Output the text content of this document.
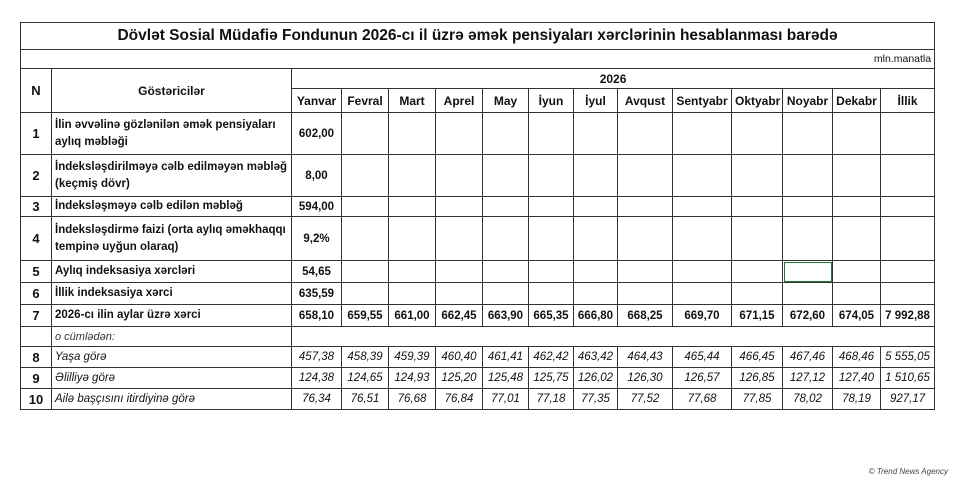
Dövlət Sosial Müdafiə Fondunun 2026-cı il üzrə əmək pensiyaları xərclərinin hesablanması barədə														
mln.manatla														
N	Göstəricilər	2026												
		Yanvar	Fevral	Mart	Aprel	May	İyun	İyul	Avqust	Sentyabr	Oktyabr	Noyabr	Dekabr	İllik
1	İlin əvvəlinə gözlənilən əmək pensiyaları aylıq məbləği	602,00												
2	İndeksləşdirilməyə cəlb edilməyən məbləğ (keçmiş dövr)	8,00												
3	İndeksləşməyə cəlb edilən məbləğ	594,00												
4	İndeksləşdirmə faizi (orta aylıq əməkhaqqı tempinə uyğun olaraq)	9,2%												
5	Aylıq indeksasiya xərcləri	54,65												
6	İllik indeksasiya xərci	635,59												
7	2026-cı ilin aylar üzrə xərci	658,10	659,55	661,00	662,45	663,90	665,35	666,80	668,25	669,70	671,15	672,60	674,05	7 992,88
	o cümlədən:													
8	Yaşa görə	457,38	458,39	459,39	460,40	461,41	462,42	463,42	464,43	465,44	466,45	467,46	468,46	5 555,05
9	Əlilliyə görə	124,38	124,65	124,93	125,20	125,48	125,75	126,02	126,30	126,57	126,85	127,12	127,40	1 510,65
10	Ailə başçısını itirdiyinə görə	76,34	76,51	76,68	76,84	77,01	77,18	77,35	77,52	77,68	77,85	78,02	78,19	927,17
© Trend News Agency
